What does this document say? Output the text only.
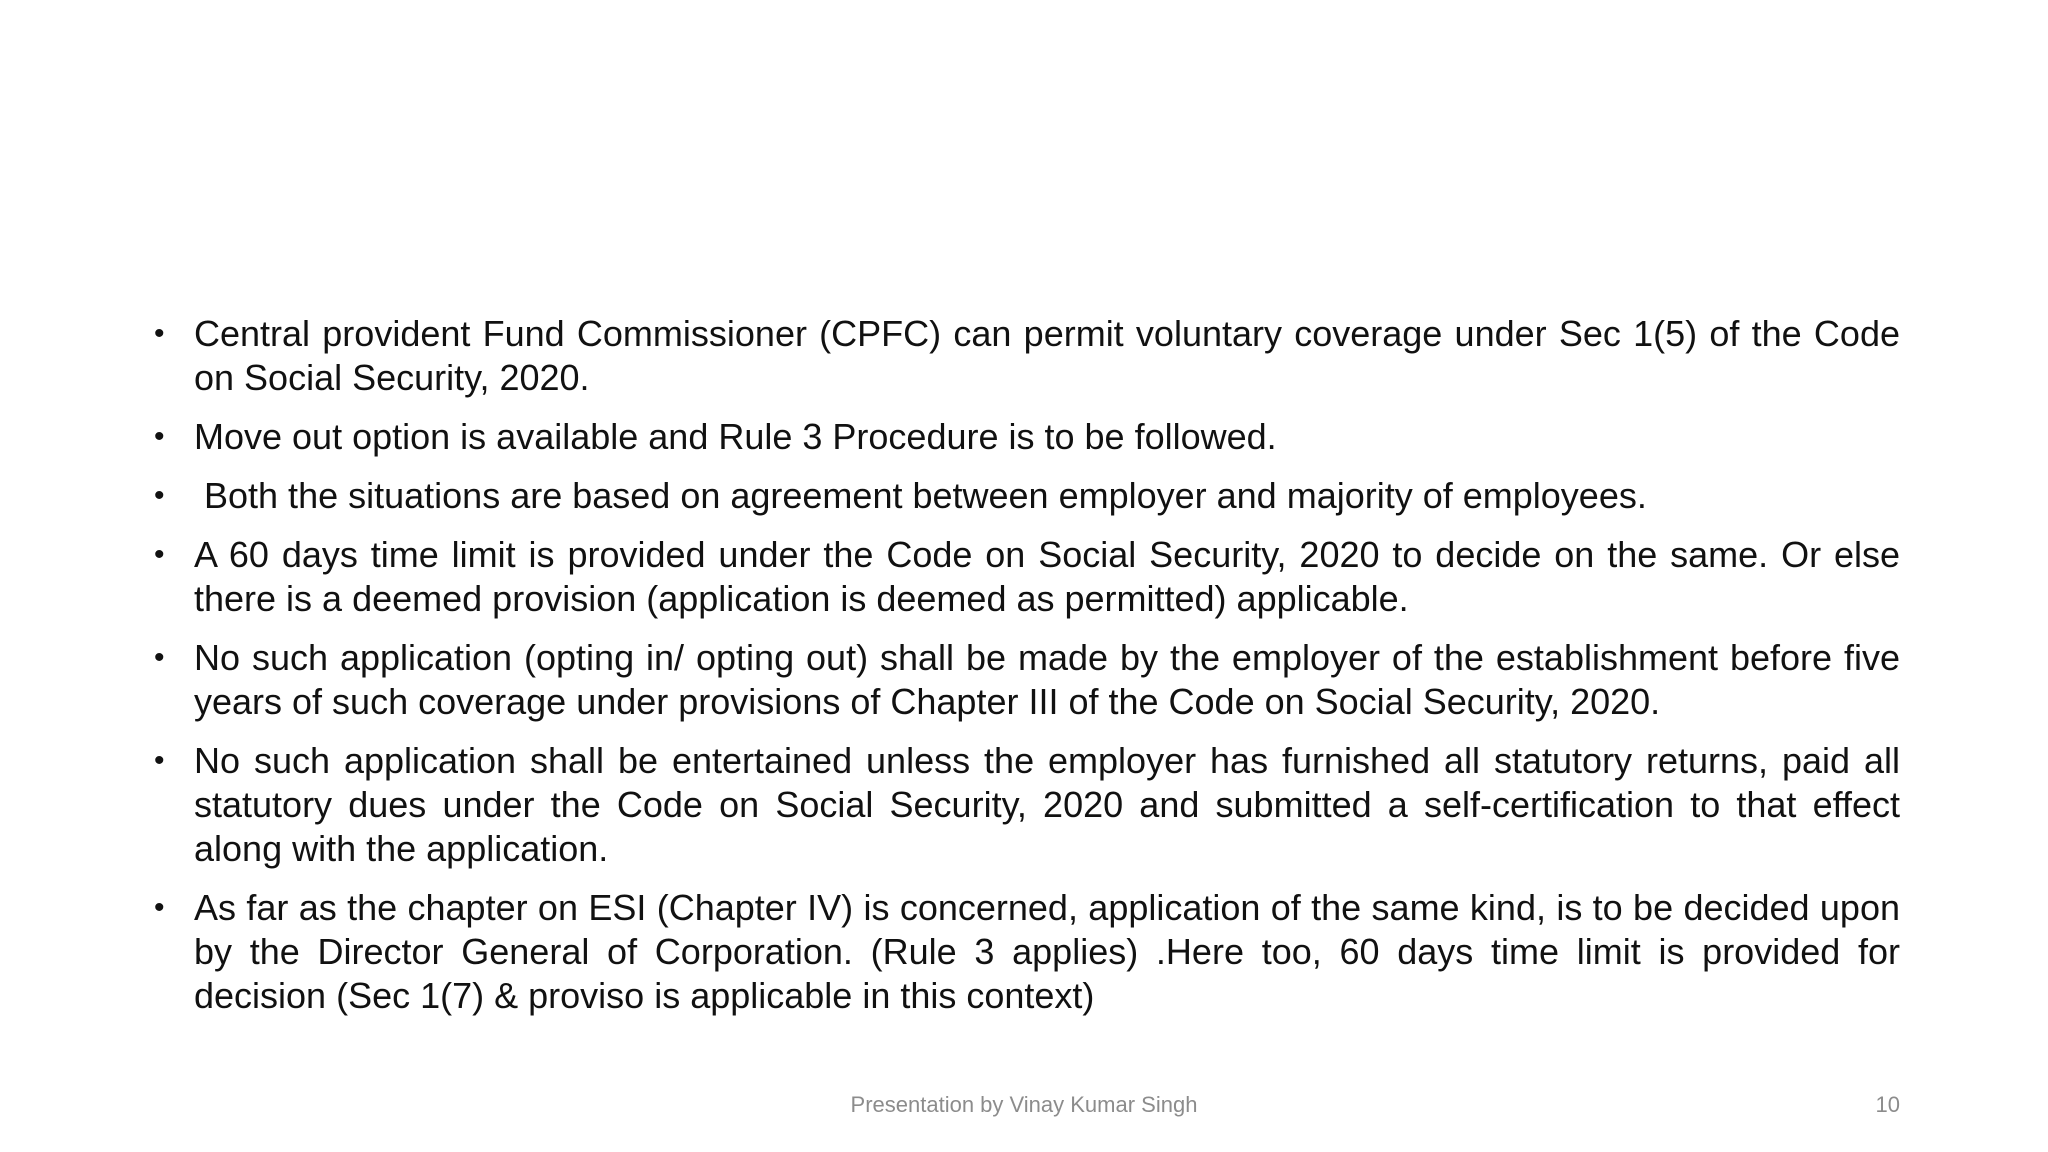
• Central provident Fund Commissioner (CPFC) can permit voluntary coverage under Sec 1(5) of the Code on Social Security, 2020.
• Move out option is available and Rule 3 Procedure is to be followed.
• Both the situations are based on agreement between employer and majority of employees.
• A 60 days time limit is provided under the Code on Social Security, 2020 to decide on the same. Or else there is a deemed provision (application is deemed as permitted) applicable.
• No such application (opting in/ opting out) shall be made by the employer of the establishment before five years of such coverage under provisions of Chapter III of the Code on Social Security, 2020.
• No such application shall be entertained unless the employer has furnished all statutory returns, paid all statutory dues under the Code on Social Security, 2020 and submitted a self-certification to that effect along with the application.
• As far as the chapter on ESI (Chapter IV) is concerned, application of the same kind, is to be decided upon by the Director General of Corporation. (Rule 3 applies) .Here too, 60 days time limit is provided for decision (Sec 1(7) & proviso is applicable in this context)
Presentation by Vinay Kumar Singh	10
